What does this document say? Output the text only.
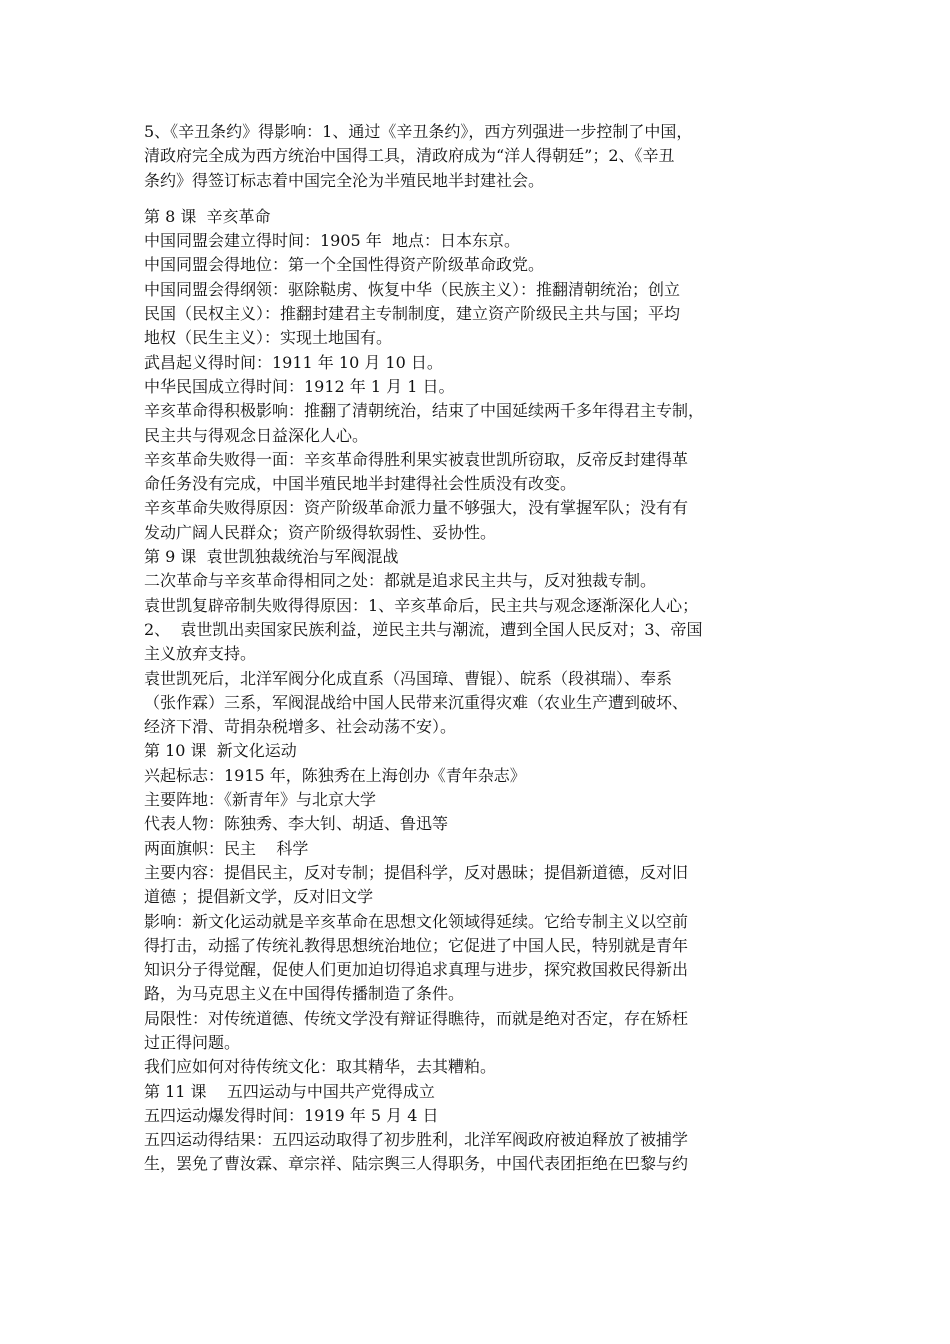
5、《辛丑条约》得影响：1、通过《辛丑条约》，西方列强进一步控制了中国，
清政府完全成为西方统治中国得工具，清政府成为“洋人得朝廷”；2、《辛丑
条约》得签订标志着中国完全沦为半殖民地半封建社会。
第 8 课  辛亥革命
中国同盟会建立得时间：1905 年  地点：日本东京。
中国同盟会得地位：第一个全国性得资产阶级革命政党。
中国同盟会得纲领：驱除鞑虏、恢复中华（民族主义）：推翻清朝统治；创立
民国（民权主义）：推翻封建君主专制制度，建立资产阶级民主共与国；平均
地权（民生主义）：实现土地国有。
武昌起义得时间：1911 年 10 月 10 日。
中华民国成立得时间：1912 年 1 月 1 日。
辛亥革命得积极影响：推翻了清朝统治，结束了中国延续两千多年得君主专制，
民主共与得观念日益深化人心。
辛亥革命失败得一面：辛亥革命得胜利果实被袁世凯所窃取，反帝反封建得革
命任务没有完成，中国半殖民地半封建得社会性质没有改变。
辛亥革命失败得原因：资产阶级革命派力量不够强大，没有掌握军队；没有有
发动广阔人民群众；资产阶级得软弱性、妥协性。
第 9 课  袁世凯独裁统治与军阀混战
二次革命与辛亥革命得相同之处：都就是追求民主共与，反对独裁专制。
袁世凯复辟帝制失败得得原因：1、辛亥革命后，民主共与观念逐渐深化人心；
2、  袁世凯出卖国家民族利益，逆民主共与潮流，遭到全国人民反对；3、帝国
主义放弃支持。
袁世凯死后，北洋军阀分化成直系（冯国璋、曹锟）、皖系（段祺瑞）、奉系
（张作霖）三系，军阀混战给中国人民带来沉重得灾难（农业生产遭到破坏、
经济下滑、苛捐杂税增多、社会动荡不安）。
第 10 课  新文化运动
兴起标志：1915 年，陈独秀在上海创办《青年杂志》
主要阵地：《新青年》与北京大学
代表人物：陈独秀、李大钊、胡适、鲁迅等
两面旗帜：民主    科学
主要内容：提倡民主，反对专制；提倡科学，反对愚昧；提倡新道德，反对旧
道德 ；提倡新文学，反对旧文学
影响：新文化运动就是辛亥革命在思想文化领域得延续。它给专制主义以空前
得打击，动摇了传统礼教得思想统治地位；它促进了中国人民，特别就是青年
知识分子得觉醒，促使人们更加迫切得追求真理与进步，探究救国救民得新出
路，为马克思主义在中国得传播制造了条件。
局限性：对传统道德、传统文学没有辩证得瞧待，而就是绝对否定，存在矫枉
过正得问题。
我们应如何对待传统文化：取其精华，去其糟粕。
第 11 课    五四运动与中国共产党得成立
五四运动爆发得时间：1919 年 5 月 4 日
五四运动得结果：五四运动取得了初步胜利，北洋军阀政府被迫释放了被捕学
生，罢免了曹汝霖、章宗祥、陆宗舆三人得职务，中国代表团拒绝在巴黎与约
